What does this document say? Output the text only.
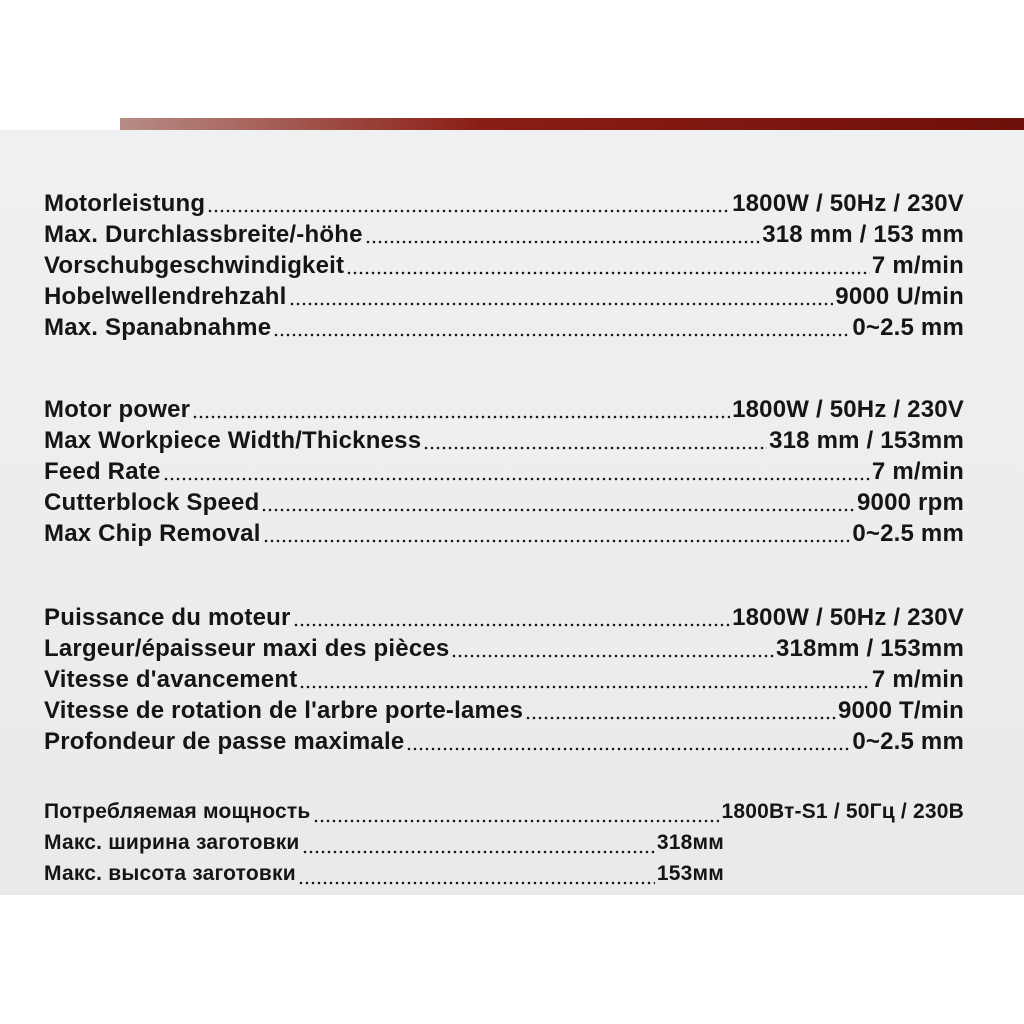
Motorleistung	1800W / 50Hz / 230V
Max. Durchlassbreite/-höhe	318 mm / 153 mm
Vorschubgeschwindigkeit	7 m/min
Hobelwellendrehzahl	9000 U/min
Max. Spanabnahme	0~2.5 mm
Motor power	1800W / 50Hz / 230V
Max Workpiece Width/Thickness	318 mm / 153mm
Feed Rate	7 m/min
Cutterblock Speed	9000 rpm
Max Chip Removal	0~2.5 mm
Puissance du moteur	1800W / 50Hz / 230V
Largeur/épaisseur maxi des pièces	318mm / 153mm
Vitesse d'avancement	7 m/min
Vitesse de rotation de l'arbre porte-lames	9000 T/min
Profondeur de passe maximale	0~2.5 mm
Потребляемая мощность	1800Вт-S1 / 50Гц / 230В
Макс. ширина заготовки	318мм
Макс. высота заготовки	153мм
